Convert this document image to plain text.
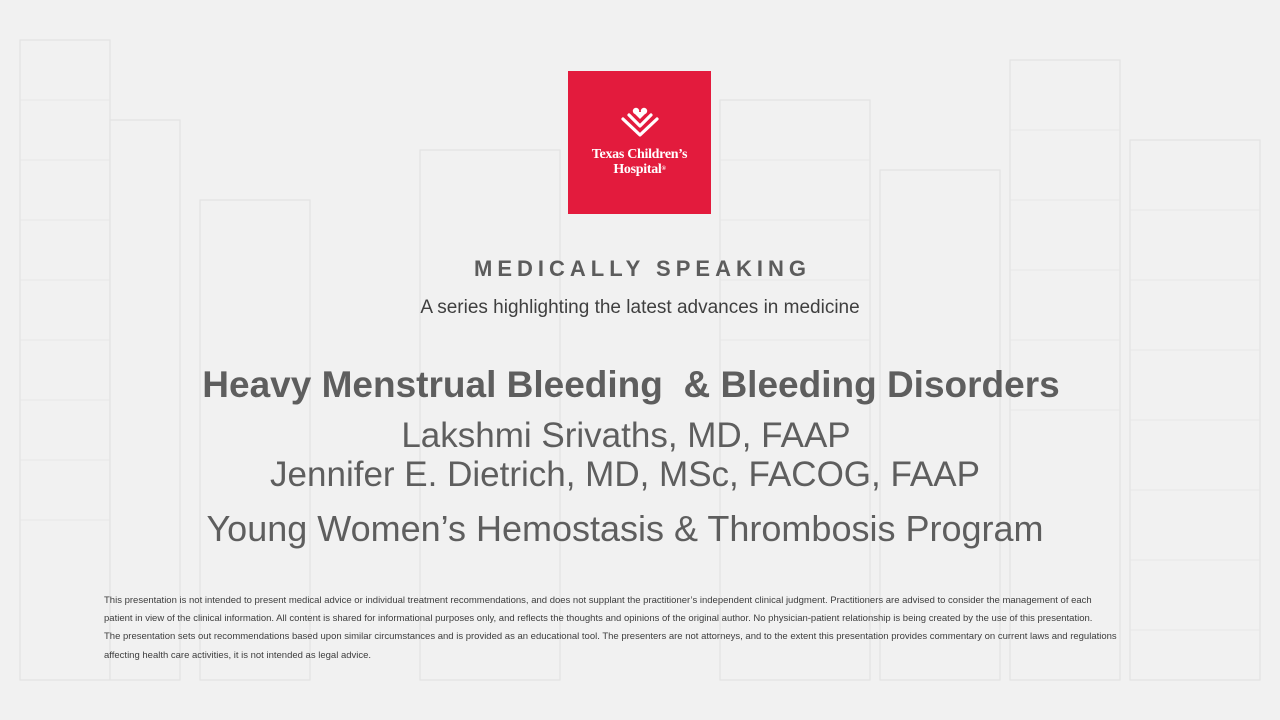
Texas Children’s
Hospital®
MEDICALLY SPEAKING
A series highlighting the latest advances in medicine
Heavy Menstrual Bleeding  & Bleeding Disorders
Lakshmi Srivaths, MD, FAAP
Jennifer E. Dietrich, MD, MSc, FACOG, FAAP
Young Women’s Hemostasis & Thrombosis Program

This presentation is not intended to present medical advice or individual treatment recommendations, and does not supplant the practitioner’s independent clinical judgment. Practitioners are advised to consider the management of each

patient in view of the clinical information. All content is shared for informational purposes only, and reflects the thoughts and opinions of the original author. No physician-patient relationship is being created by the use of this presentation.

The presentation sets out recommendations based upon similar circumstances and is provided as an educational tool. The presenters are not attorneys, and to the extent this presentation provides commentary on current laws and regulations

affecting health care activities, it is not intended as legal advice.
